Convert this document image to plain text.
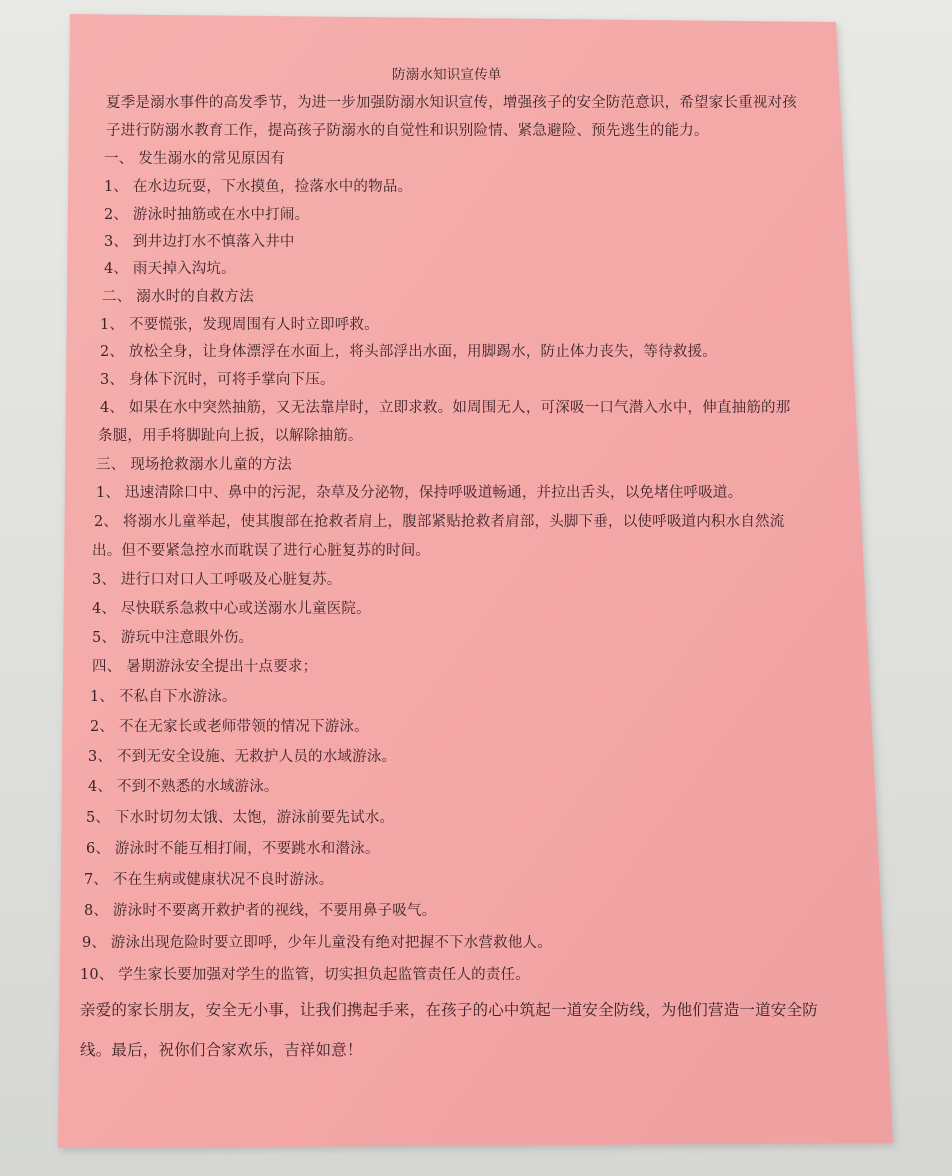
防溺水知识宣传单
夏季是溺水事件的高发季节，为进一步加强防溺水知识宣传，增强孩子的安全防范意识，希望家长重视对孩
子进行防溺水教育工作，提高孩子防溺水的自觉性和识别险情、紧急避险、预先逃生的能力。
一、 发生溺水的常见原因有
1、 在水边玩耍，下水摸鱼，捡落水中的物品。
2、 游泳时抽筋或在水中打闹。
3、 到井边打水不慎落入井中
4、 雨天掉入沟坑。
二、 溺水时的自救方法
1、 不要慌张，发现周围有人时立即呼救。
2、 放松全身，让身体漂浮在水面上，将头部浮出水面，用脚踢水，防止体力丧失，等待救援。
3、 身体下沉时，可将手掌向下压。
4、 如果在水中突然抽筋，又无法靠岸时，立即求救。如周围无人，可深吸一口气潜入水中，伸直抽筋的那
条腿，用手将脚趾向上扳，以解除抽筋。
三、 现场抢救溺水儿童的方法
1、 迅速清除口中、鼻中的污泥，杂草及分泌物，保持呼吸道畅通，并拉出舌头，以免堵住呼吸道。
2、 将溺水儿童举起，使其腹部在抢救者肩上，腹部紧贴抢救者肩部，头脚下垂，以使呼吸道内积水自然流
出。但不要紧急控水而耽误了进行心脏复苏的时间。
3、 进行口对口人工呼吸及心脏复苏。
4、 尽快联系急救中心或送溺水儿童医院。
5、 游玩中注意眼外伤。
四、 暑期游泳安全提出十点要求；
1、 不私自下水游泳。
2、 不在无家长或老师带领的情况下游泳。
3、 不到无安全设施、无救护人员的水域游泳。
4、 不到不熟悉的水域游泳。
5、 下水时切勿太饿、太饱，游泳前要先试水。
6、 游泳时不能互相打闹，不要跳水和潜泳。
7、 不在生病或健康状况不良时游泳。
8、 游泳时不要离开救护者的视线，不要用鼻子吸气。
9、 游泳出现危险时要立即呼，少年儿童没有绝对把握不下水营救他人。
10、 学生家长要加强对学生的监管，切实担负起监管责任人的责任。
亲爱的家长朋友，安全无小事，让我们携起手来，在孩子的心中筑起一道安全防线，为他们营造一道安全防
线。最后，祝你们合家欢乐，吉祥如意！
